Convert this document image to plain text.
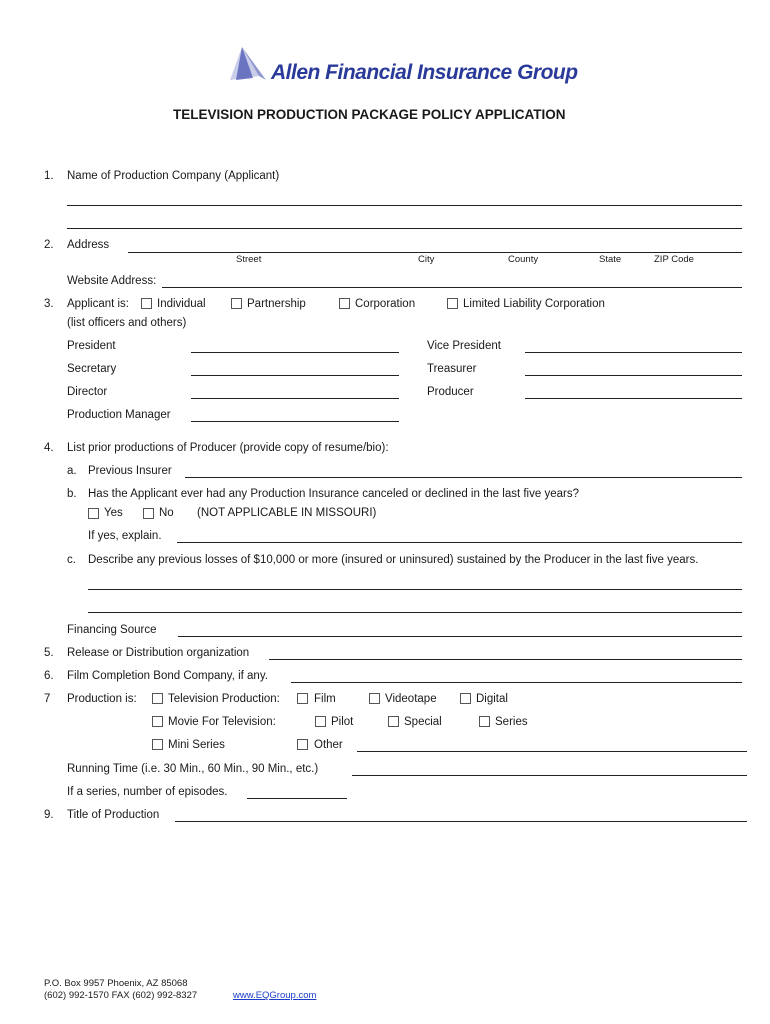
Allen Financial Insurance Group
TELEVISION PRODUCTION PACKAGE POLICY APPLICATION
1. Name of Production Company (Applicant)
2. Address
Street	City	County	State	ZIP Code
Website Address:
3. Applicant is: Individual	Partnership	Corporation	Limited Liability Corporation
(list officers and others)
President	Vice President
Secretary	Treasurer
Director	Producer
Production Manager
4. List prior productions of Producer (provide copy of resume/bio):
a. Previous Insurer
b. Has the Applicant ever had any Production Insurance canceled or declined in the last five years?
Yes	No (NOT APPLICABLE IN MISSOURI)
If yes, explain.
c. Describe any previous losses of $10,000 or more (insured or uninsured) sustained by the Producer in the last five years.
Financing Source
5. Release or Distribution organization
6. Film Completion Bond Company, if any.
7 Production is:	Television Production:	Film	Videotape	Digital
Movie For Television:	Pilot	Special	Series
Mini Series	Other
Running Time (i.e. 30 Min., 60 Min., 90 Min., etc.)
If a series, number of episodes.
9. Title of Production
P.O. Box 9957 Phoenix, AZ 85068
(602) 992-1570 FAX (602) 992-8327	www.EQGroup.com
